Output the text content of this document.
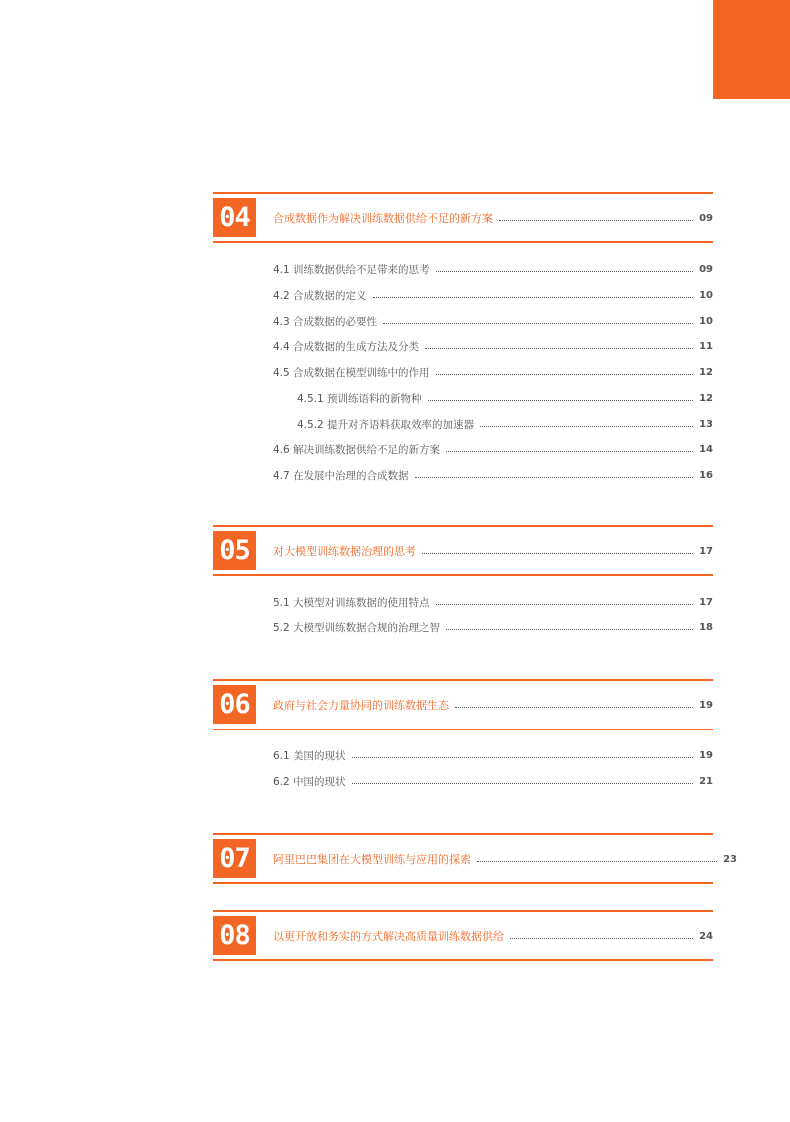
04	合成数据作为解决训练数据供给不足的新方案	09
4.1 训练数据供给不足带来的思考	09
4.2 合成数据的定义	10
4.3 合成数据的必要性	10
4.4 合成数据的生成方法及分类	11
4.5 合成数据在模型训练中的作用	12
4.5.1 预训练语料的新物种	12
4.5.2 提升对齐语料获取效率的加速器	13
4.6 解决训练数据供给不足的新方案	14
4.7 在发展中治理的合成数据	16
05	对大模型训练数据治理的思考	17
5.1 大模型对训练数据的使用特点	17
5.2 大模型训练数据合规的治理之智	18
06	政府与社会力量协同的训练数据生态	19
6.1 美国的现状	19
6.2 中国的现状	21
07	阿里巴巴集团在大模型训练与应用的探索	23
08	以更开放和务实的方式解决高质量训练数据供给	24
